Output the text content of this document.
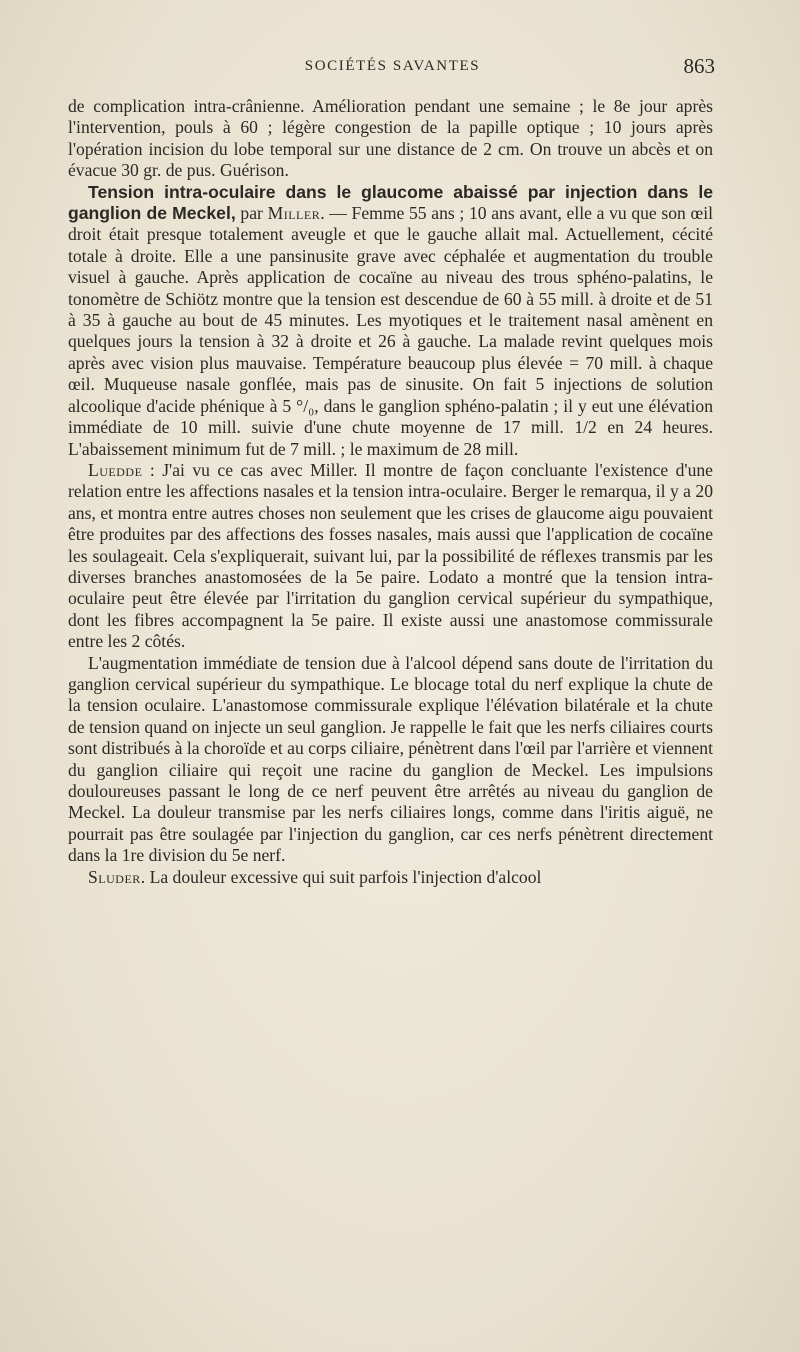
SOCIÉTÉS SAVANTES	863

de complication intra-crânienne. Amélioration pendant une semaine ; le 8e jour après l'intervention, pouls à 60 ; légère congestion de la papille optique ; 10 jours après l'opération incision du lobe temporal sur une distance de 2 cm. On trouve un abcès et on évacue 30 gr. de pus. Guérison.

Tension intra-oculaire dans le glaucome abaissé par injection dans le ganglion de Meckel, par Miller. — Femme 55 ans ; 10 ans avant, elle a vu que son œil droit était presque totalement aveugle et que le gauche allait mal. Actuellement, cécité totale à droite. Elle a une pansinusite grave avec céphalée et augmentation du trouble visuel à gauche. Après application de cocaïne au niveau des trous sphéno-palatins, le tonomètre de Schiötz montre que la tension est descendue de 60 à 55 mill. à droite et de 51 à 35 à gauche au bout de 45 minutes. Les myotiques et le traitement nasal amènent en quelques jours la tension à 32 à droite et 26 à gauche. La malade revint quelques mois après avec vision plus mauvaise. Température beaucoup plus élevée = 70 mill. à chaque œil. Muqueuse nasale gonflée, mais pas de sinusite. On fait 5 injections de solution alcoolique d'acide phénique à 5 °/₀, dans le ganglion sphéno-palatin ; il y eut une élévation immédiate de 10 mill. suivie d'une chute moyenne de 17 mill. 1/2 en 24 heures. L'abaissement minimum fut de 7 mill. ; le maximum de 28 mill.

Luedde : J'ai vu ce cas avec Miller. Il montre de façon concluante l'existence d'une relation entre les affections nasales et la tension intra-oculaire. Berger le remarqua, il y a 20 ans, et montra entre autres choses non seulement que les crises de glaucome aigu pouvaient être produites par des affections des fosses nasales, mais aussi que l'application de cocaïne les soulageait. Cela s'expliquerait, suivant lui, par la possibilité de réflexes transmis par les diverses branches anastomosées de la 5e paire. Lodato a montré que la tension intra-oculaire peut être élevée par l'irritation du ganglion cervical supérieur du sympathique, dont les fibres accompagnent la 5e paire. Il existe aussi une anastomose commissurale entre les 2 côtés.

L'augmentation immédiate de tension due à l'alcool dépend sans doute de l'irritation du ganglion cervical supérieur du sympathique. Le blocage total du nerf explique la chute de la tension oculaire. L'anastomose commissurale explique l'élévation bilatérale et la chute de tension quand on injecte un seul ganglion. Je rappelle le fait que les nerfs ciliaires courts sont distribués à la choroïde et au corps ciliaire, pénètrent dans l'œil par l'arrière et viennent du ganglion ciliaire qui reçoit une racine du ganglion de Meckel. Les impulsions douloureuses passant le long de ce nerf peuvent être arrêtés au niveau du ganglion de Meckel. La douleur transmise par les nerfs ciliaires longs, comme dans l'iritis aiguë, ne pourrait pas être soulagée par l'injection du ganglion, car ces nerfs pénètrent directement dans la 1re division du 5e nerf.

Sluder. La douleur excessive qui suit parfois l'injection d'alcool
